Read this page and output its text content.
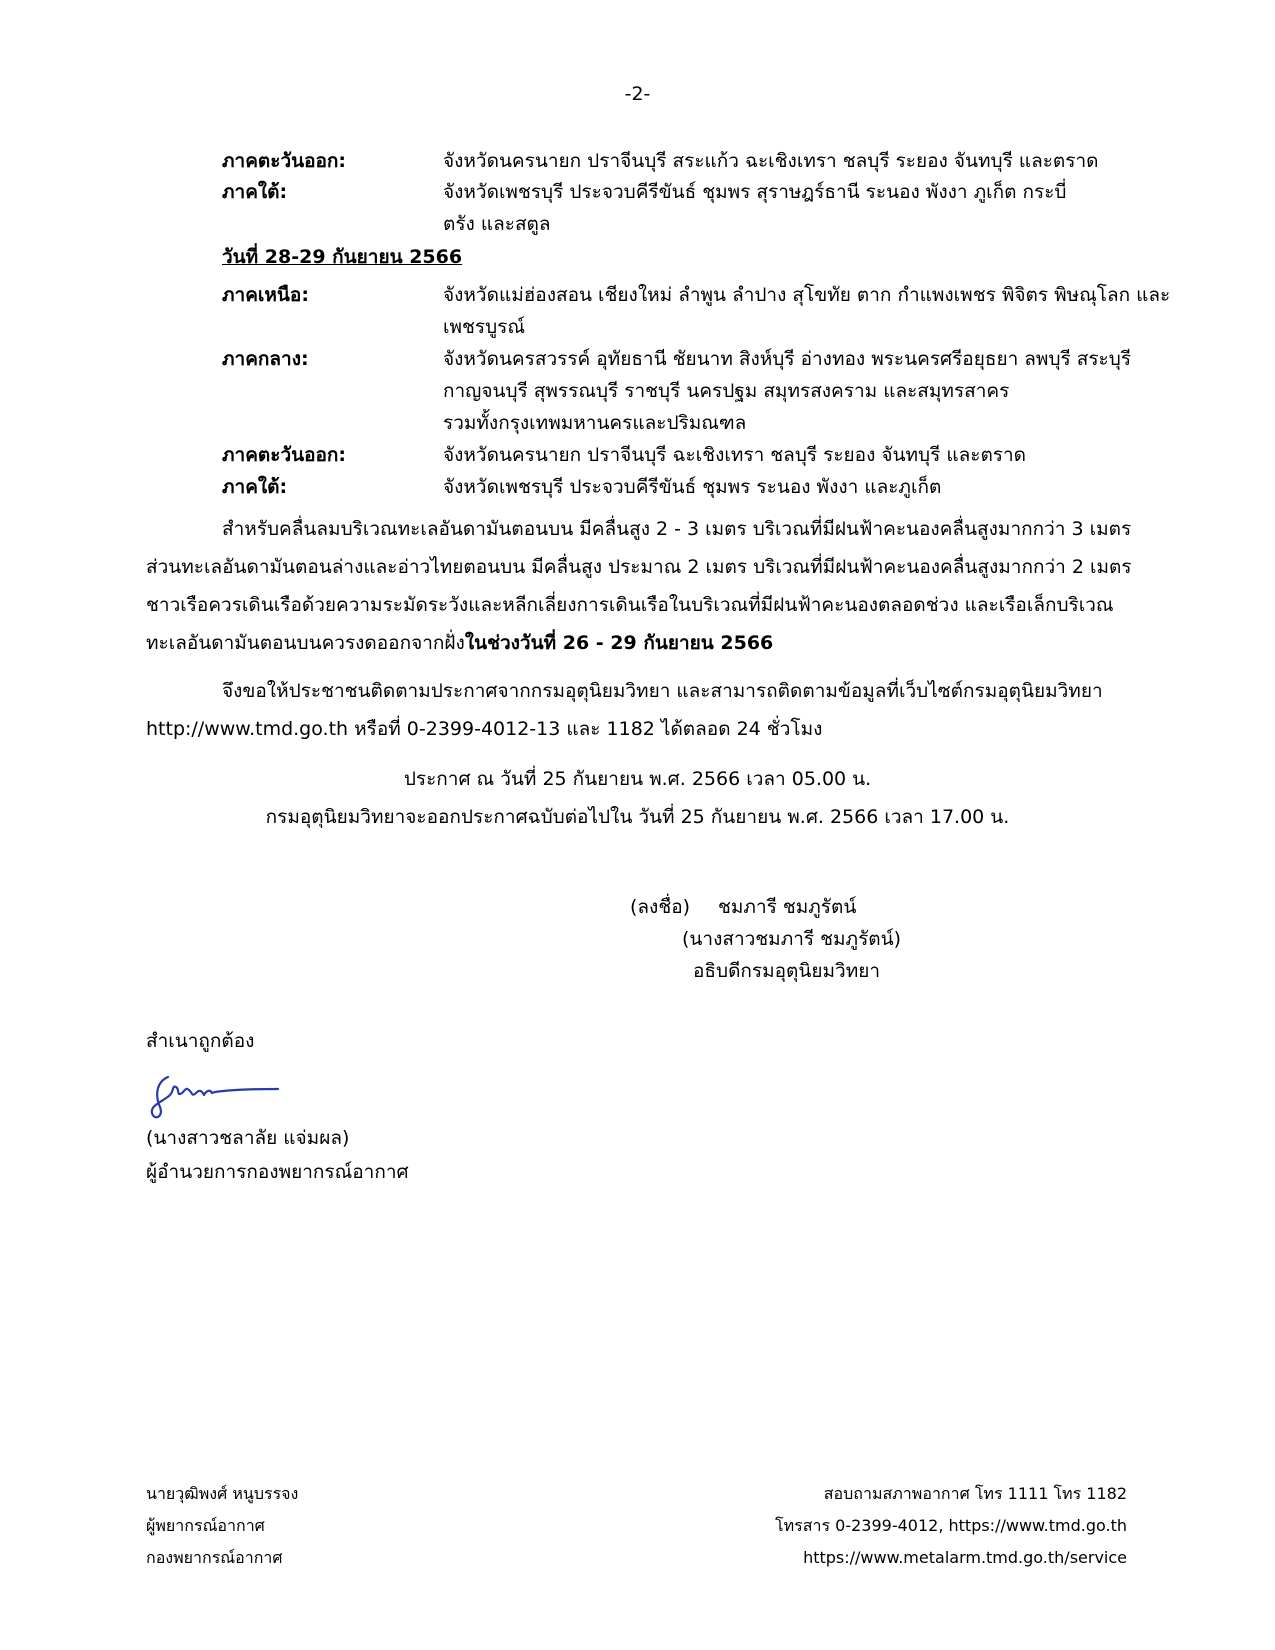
-2-
ภาคตะวันออก:	จังหวัดนครนายก ปราจีนบุรี สระแก้ว ฉะเชิงเทรา ชลบุรี ระยอง จันทบุรี และตราด
ภาคใต้:	จังหวัดเพชรบุรี ประจวบคีรีขันธ์ ชุมพร สุราษฎร์ธานี ระนอง พังงา ภูเก็ต กระบี่
ตรัง และสตูล
วันที่ 28-29 กันยายน 2566
ภาคเหนือ:	จังหวัดแม่ฮ่องสอน เชียงใหม่ ลำพูน ลำปาง สุโขทัย ตาก กำแพงเพชร พิจิตร พิษณุโลก และ
เพชรบูรณ์
ภาคกลาง:	จังหวัดนครสวรรค์ อุทัยธานี ชัยนาท สิงห์บุรี อ่างทอง พระนครศรีอยุธยา ลพบุรี สระบุรี
กาญจนบุรี สุพรรณบุรี ราชบุรี นครปฐม สมุทรสงคราม และสมุทรสาคร
รวมทั้งกรุงเทพมหานครและปริมณฑล
ภาคตะวันออก:	จังหวัดนครนายก ปราจีนบุรี ฉะเชิงเทรา ชลบุรี ระยอง จันทบุรี และตราด
ภาคใต้:	จังหวัดเพชรบุรี ประจวบคีรีขันธ์ ชุมพร ระนอง พังงา และภูเก็ต
สำหรับคลื่นลมบริเวณทะเลอันดามันตอนบน มีคลื่นสูง 2 - 3 เมตร บริเวณที่มีฝนฟ้าคะนองคลื่นสูงมากกว่า 3 เมตร
ส่วนทะเลอันดามันตอนล่างและอ่าวไทยตอนบน มีคลื่นสูง ประมาณ 2 เมตร บริเวณที่มีฝนฟ้าคะนองคลื่นสูงมากกว่า 2 เมตร
ชาวเรือควรเดินเรือด้วยความระมัดระวังและหลีกเลี่ยงการเดินเรือในบริเวณที่มีฝนฟ้าคะนองตลอดช่วง และเรือเล็กบริเวณ
ทะเลอันดามันตอนบนควรงดออกจากฝั่งในช่วงวันที่ 26 - 29 กันยายน 2566
จึงขอให้ประชาชนติดตามประกาศจากกรมอุตุนิยมวิทยา และสามารถติดตามข้อมูลที่เว็บไซต์กรมอุตุนิยมวิทยา
http://www.tmd.go.th หรือที่ 0-2399-4012-13 และ 1182 ได้ตลอด 24 ชั่วโมง
ประกาศ ณ วันที่ 25 กันยายน พ.ศ. 2566 เวลา 05.00 น.
กรมอุตุนิยมวิทยาจะออกประกาศฉบับต่อไปใน วันที่ 25 กันยายน พ.ศ. 2566 เวลา 17.00 น.
(ลงชื่อ) ชมภารี ชมภูรัตน์
(นางสาวชมภารี ชมภูรัตน์)
อธิบดีกรมอุตุนิยมวิทยา
สำเนาถูกต้อง
(นางสาวชลาลัย แจ่มผล)
ผู้อำนวยการกองพยากรณ์อากาศ
นายวุฒิพงศ์ หนูบรรจง
ผู้พยากรณ์อากาศ
กองพยากรณ์อากาศ
สอบถามสภาพอากาศ โทร 1111 โทร 1182
โทรสาร 0-2399-4012, https://www.tmd.go.th
https://www.metalarm.tmd.go.th/service
